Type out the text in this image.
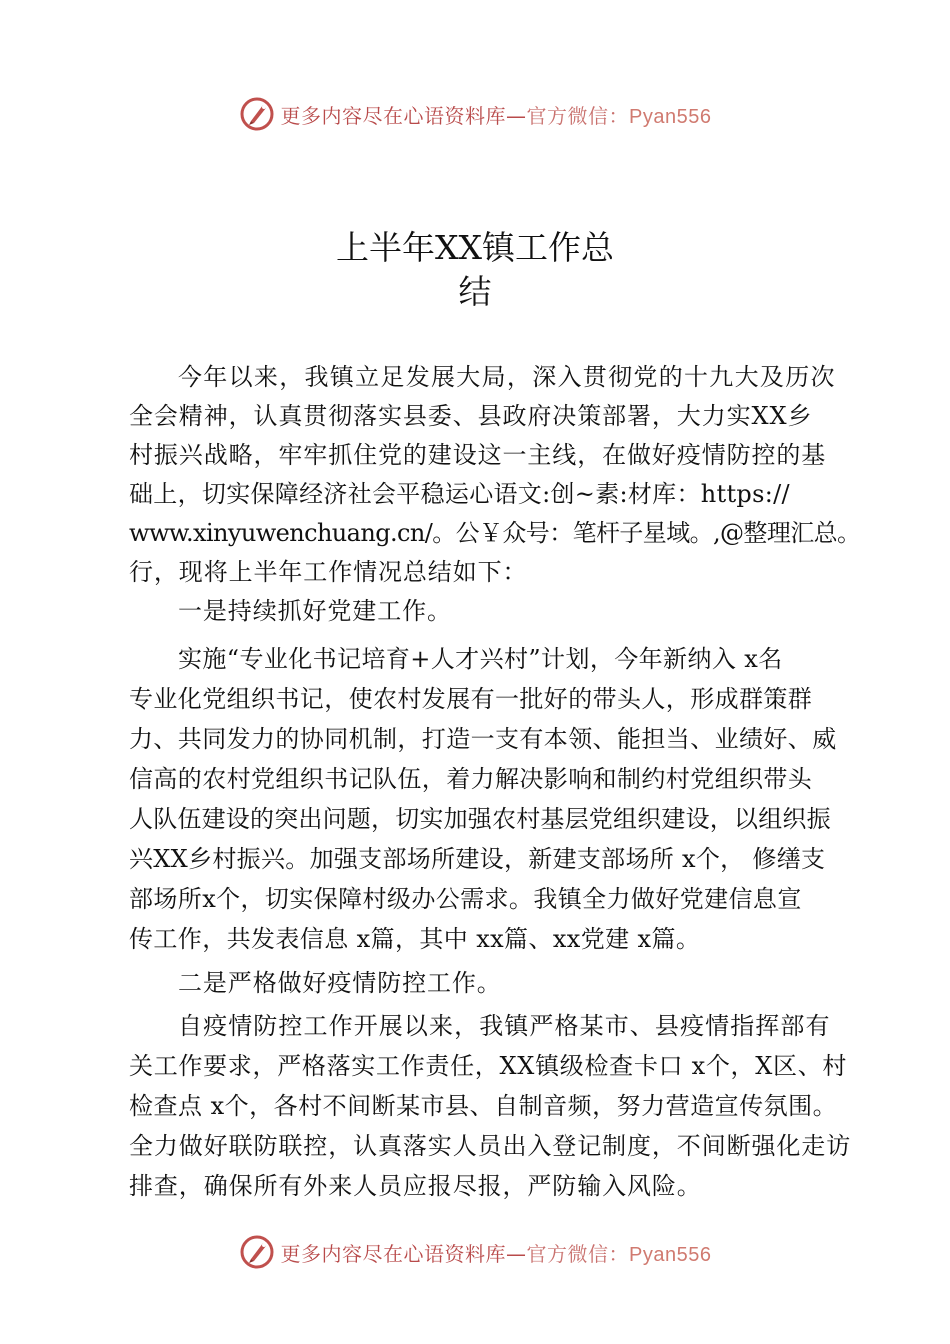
更多内容尽在心语资料库—官方微信：Pyan556
上半年XX镇工作总
结
今年以来，我镇立足发展大局，深入贯彻党的十九大及历次
全会精神，认真贯彻落实县委、县政府决策部署，大力实XX乡
村振兴战略，牢牢抓住党的建设这一主线，在做好疫情防控的基
础上，切实保障经济社会平稳运心语文:创~素:材库：https://
www.xinyuwenchuang.cn/。公￥众号：笔杆子星域。,@整理汇总。
行，现将上半年工作情况总结如下：
一是持续抓好党建工作。
实施“专业化书记培育+人才兴村”计划，今年新纳入 x名
专业化党组织书记，使农村发展有一批好的带头人，形成群策群
力、共同发力的协同机制，打造一支有本领、能担当、业绩好、威
信高的农村党组织书记队伍，着力解决影响和制约村党组织带头
人队伍建设的突出问题，切实加强农村基层党组织建设，以组织振
兴XX乡村振兴。加强支部场所建设，新建支部场所 x个， 修缮支
部场所x个，切实保障村级办公需求。我镇全力做好党建信息宣
传工作，共发表信息 x篇，其中 xx篇、xx党建 x篇。
二是严格做好疫情防控工作。
自疫情防控工作开展以来，我镇严格某市、县疫情指挥部有
关工作要求，严格落实工作责任，XX镇级检查卡口 x个，X区、村
检查点 x个，各村不间断某市县、自制音频，努力营造宣传氛围。
全力做好联防联控，认真落实人员出入登记制度，不间断强化走访
排查，确保所有外来人员应报尽报，严防输入风险。
更多内容尽在心语资料库—官方微信：Pyan556
